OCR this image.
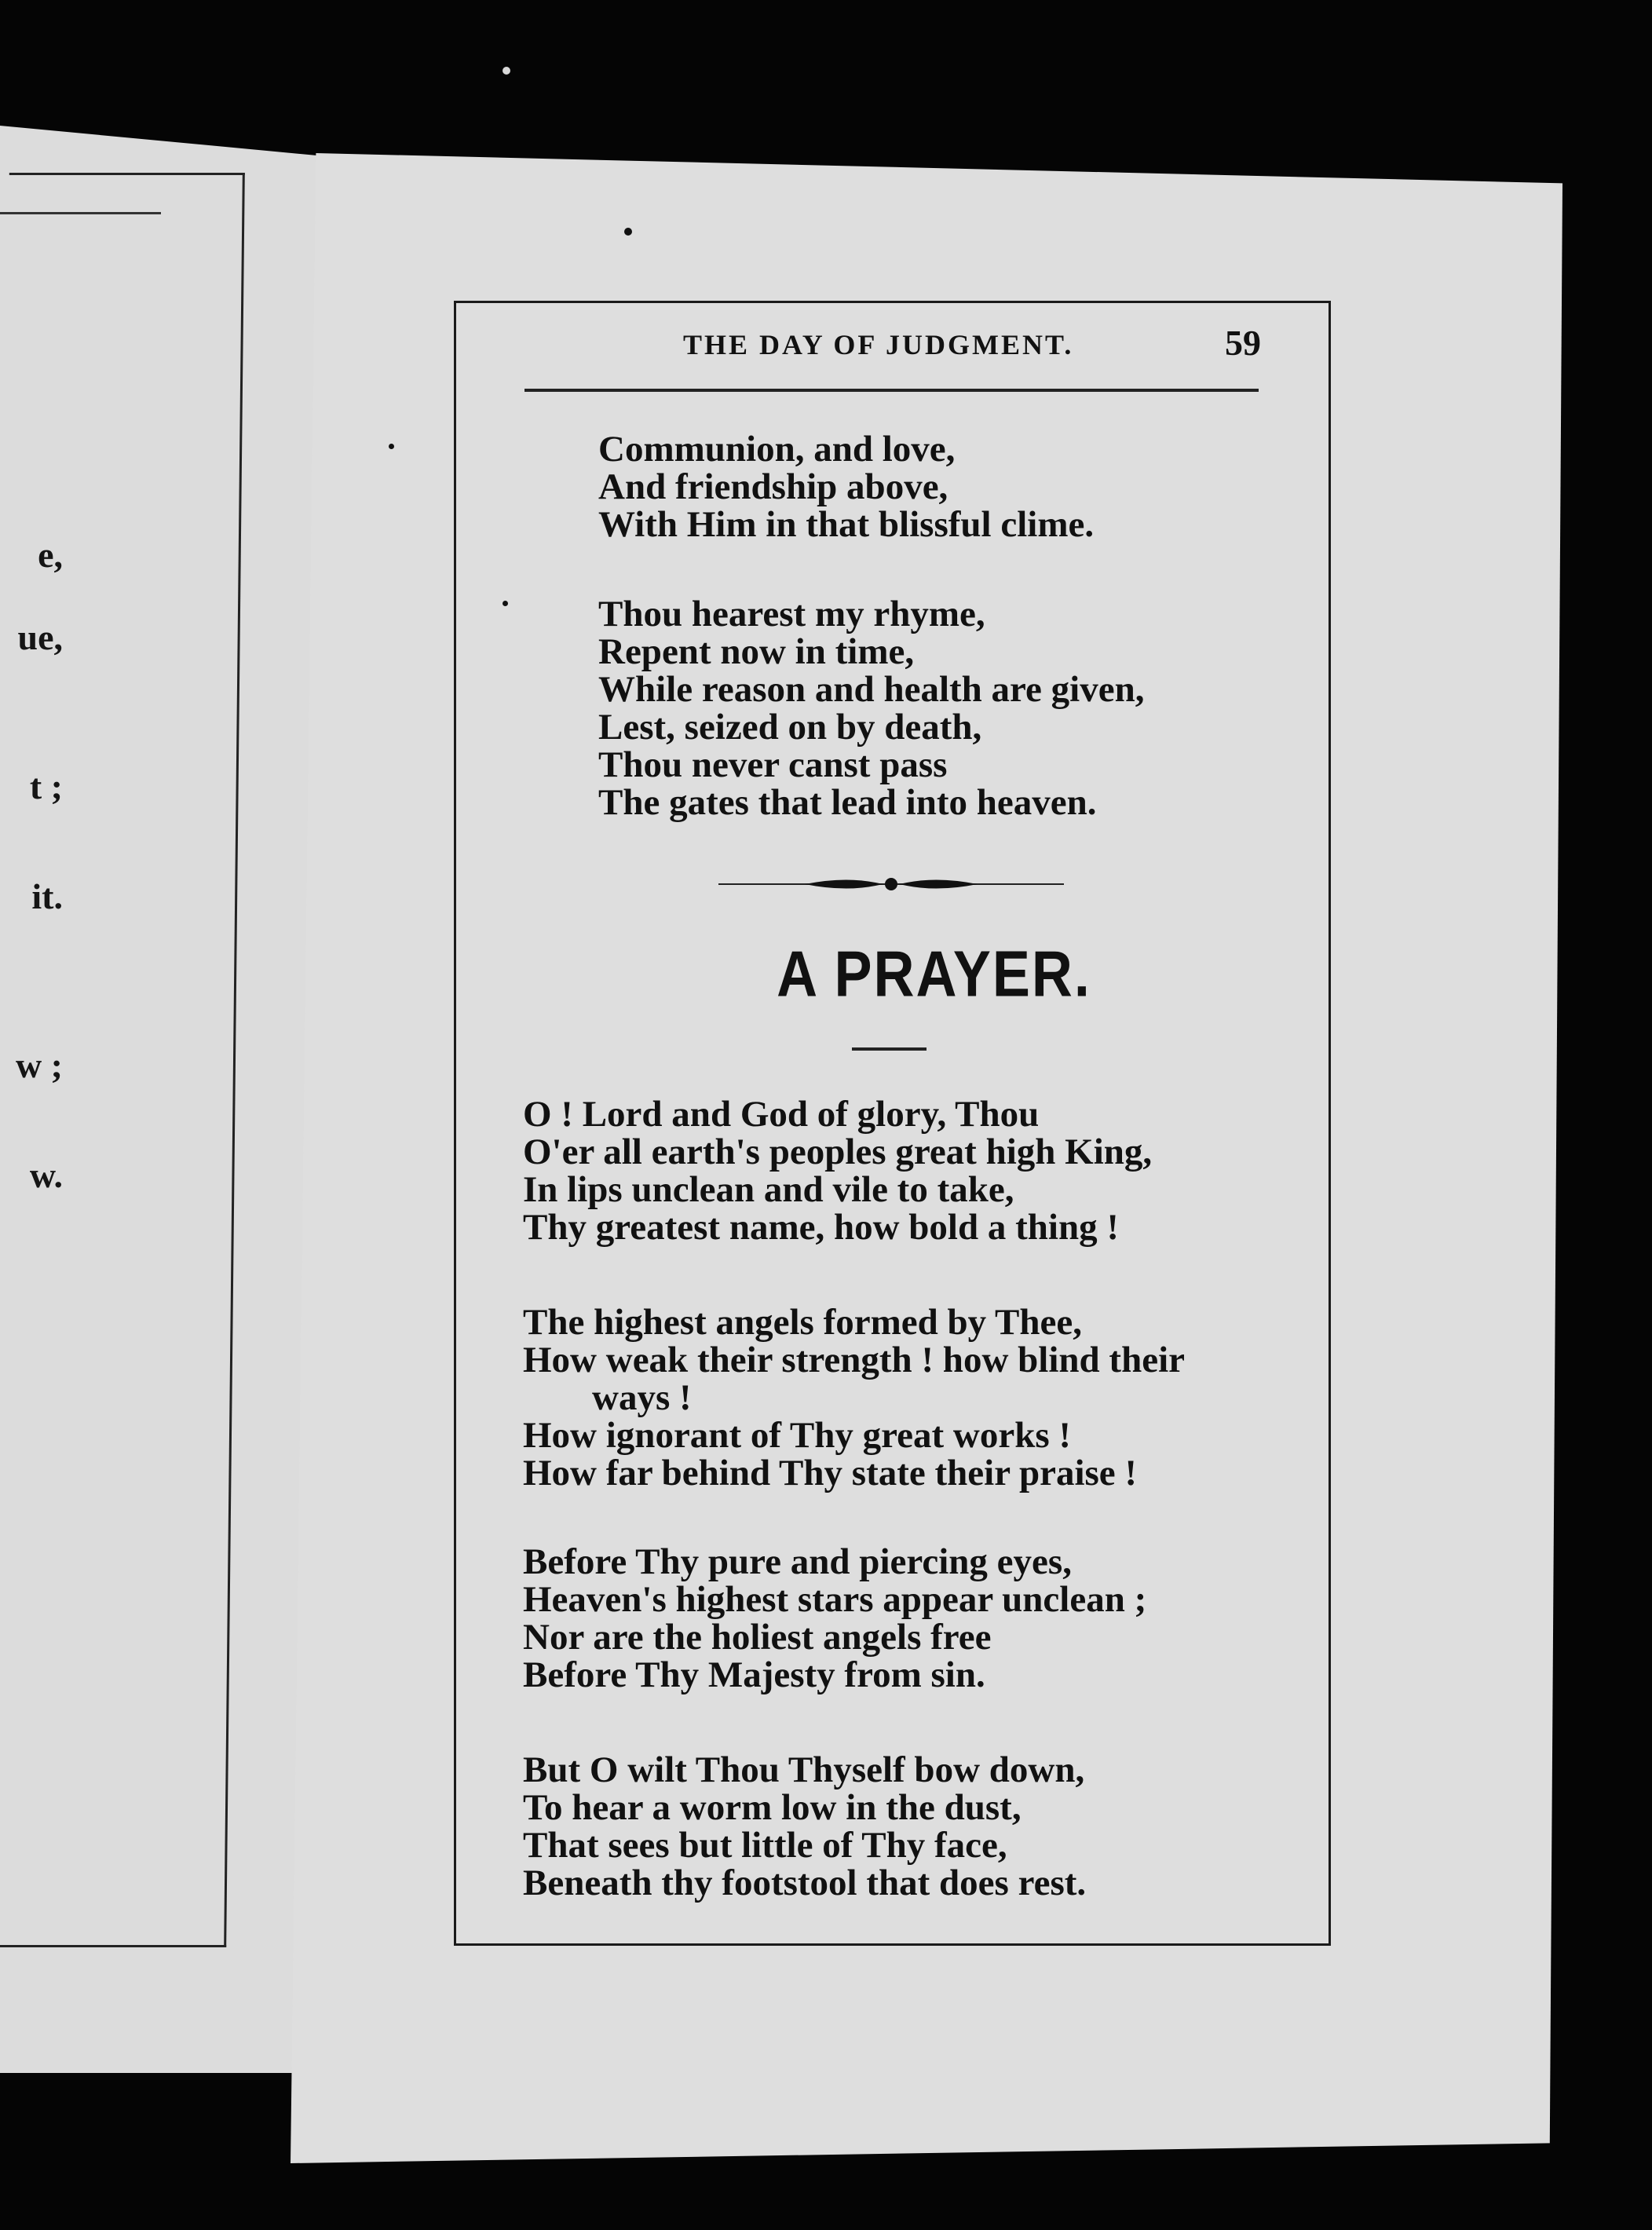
e,
ue,
t ;
it.
w ;
w.
THE DAY OF JUDGMENT.	59
Communion, and love,
And friendship above,
With Him in that blissful clime.
Thou hearest my rhyme,
Repent now in time,
While reason and health are given,
Lest, seized on by death,
Thou never canst pass
The gates that lead into heaven.
A PRAYER.
O ! Lord and God of glory, Thou
O'er all earth's peoples great high King,
In lips unclean and vile to take,
Thy greatest name, how bold a thing !
The highest angels formed by Thee,
How weak their strength ! how blind their
ways !
How ignorant of Thy great works !
How far behind Thy state their praise !
Before Thy pure and piercing eyes,
Heaven's highest stars appear unclean ;
Nor are the holiest angels free
Before Thy Majesty from sin.
But O wilt Thou Thyself bow down,
To hear a worm low in the dust,
That sees but little of Thy face,
Beneath thy footstool that does rest.
